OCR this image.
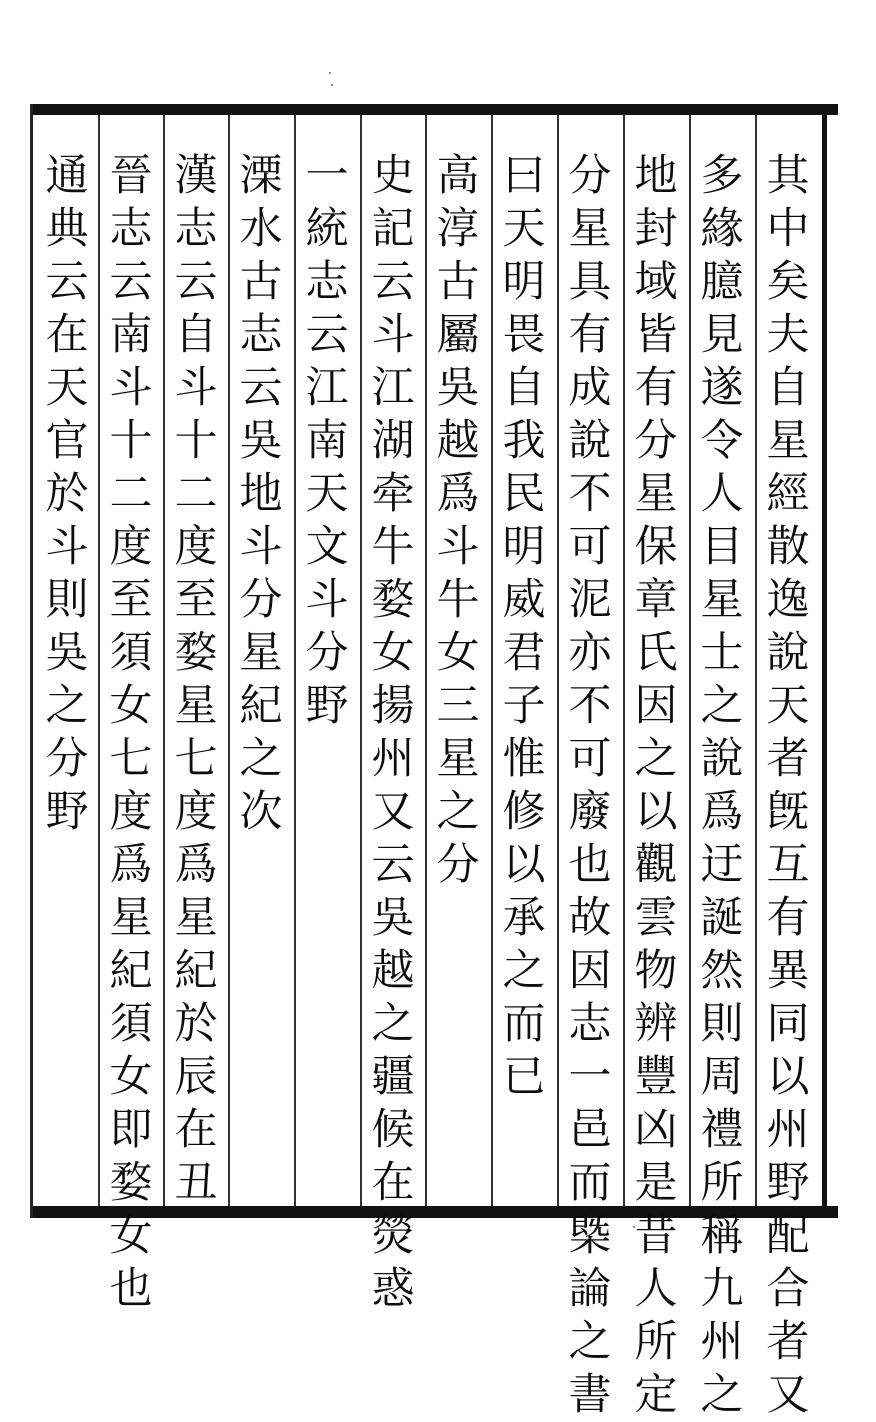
其中矣夫自星經散逸說天者旣互有異同以州野配合者又
多緣臆見遂令人目星士之說爲迂誕然則周禮所稱九州之
地封域皆有分星保章氏因之以觀雲物辨豐凶是昔人所定
分星具有成說不可泥亦不可廢也故因志一邑而槩論之書
曰天明畏自我民明威君子惟修以承之而已
高淳古屬吳越爲斗牛女三星之分
史記云斗江湖牵牛婺女揚州又云吳越之疆候在熒惑
一統志云江南天文斗分野
溧水古志云吳地斗分星紀之次
漢志云自斗十二度至婺星七度爲星紀於辰在丑
晉志云南斗十二度至須女七度爲星紀須女即婺女也
通典云在天官於斗則吳之分野
